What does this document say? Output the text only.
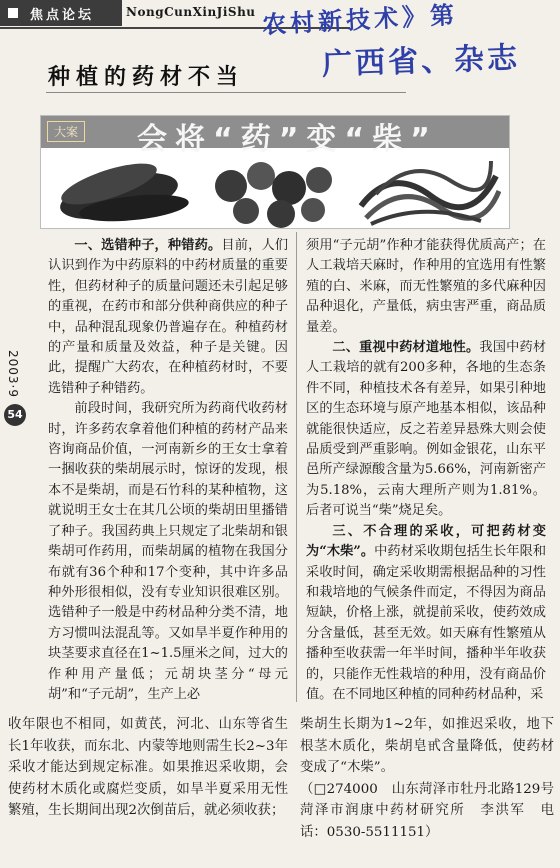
焦点论坛	NongCunXinJiShu 农村新技术》第
广西省、杂志
种植的药材不当
大案 会将“药”变“柴”
2003·9
54

一、选错种子，种错药。目前，人们认识到作为中药原料的中药材质量的重要性，但药材种子的质量问题还未引起足够的重视，在药市和部分供种商供应的种子中，品种混乱现象仍普遍存在。种植药材的产量和质量及效益，种子是关键。因此，提醒广大药农，在种植药材时，不要选错种子种错药。

前段时间，我研究所为药商代收药材时，许多药农拿着他们种植的药材产品来咨询商品价值，一河南新乡的王女士拿着一捆收获的柴胡展示时，惊讶的发现，根本不是柴胡，而是石竹科的某种植物，这就说明王女士在其几公顷的柴胡田里播错了种子。我国药典上只规定了北柴胡和银柴胡可作药用，而柴胡属的植物在我国分布就有36个种和17个变种，其中许多品种外形很相似，没有专业知识很难区别。选错种子一般是中药材品种分类不清，地方习惯叫法混乱等。又如旱半夏作种用的块茎要求直径在1~1.5厘米之间，过大的作种用产量低；元胡块茎分“母元胡”和“子元胡”，生产上必

须用“子元胡”作种才能获得优质高产；在人工栽培天麻时，作种用的宜选用有性繁殖的白、米麻，而无性繁殖的多代麻种因品种退化，产量低，病虫害严重，商品质量差。

二、重视中药材道地性。我国中药材人工栽培的就有200多种，各地的生态条件不同，种植技术各有差异，如果引种地区的生态环境与原产地基本相似，该品种就能很快适应，反之若差异悬殊大则会使品质受到严重影响。例如金银花，山东平邑所产绿源酸含量为5.66%，河南新密产为5.18%，云南大理所产则为1.81%。后者可说当“柴”烧足矣。

三、不合理的采收，可把药材变为“木柴”。中药材采收期包括生长年限和采收时间，确定采收期需根据品种的习性和栽培地的气候条件而定，不得因为商品短缺，价格上涨，就提前采收，使药效成分含量低，甚至无效。如天麻有性繁殖从播种至收获需一年半时间，播种半年收获的，只能作无性栽培的种用，没有商品价值。在不同地区种植的同种药材品种，采

收年限也不相同，如黄芪，河北、山东等省生长1年收获，而东北、内蒙等地则需生长2~3年采收才能达到规定标准。如果推迟采收期，会使药材木质化或腐烂变质，如旱半夏采用无性繁殖，生长期间出现2次倒苗后，就必须收获；

柴胡生长期为1~2年，如推迟采收，地下根茎木质化，柴胡皂甙含量降低，使药材变成了“木柴”。

（□274000　山东菏泽市牡丹北路129号菏泽市润康中药材研究所　李洪军　电话：0530-5511151）
